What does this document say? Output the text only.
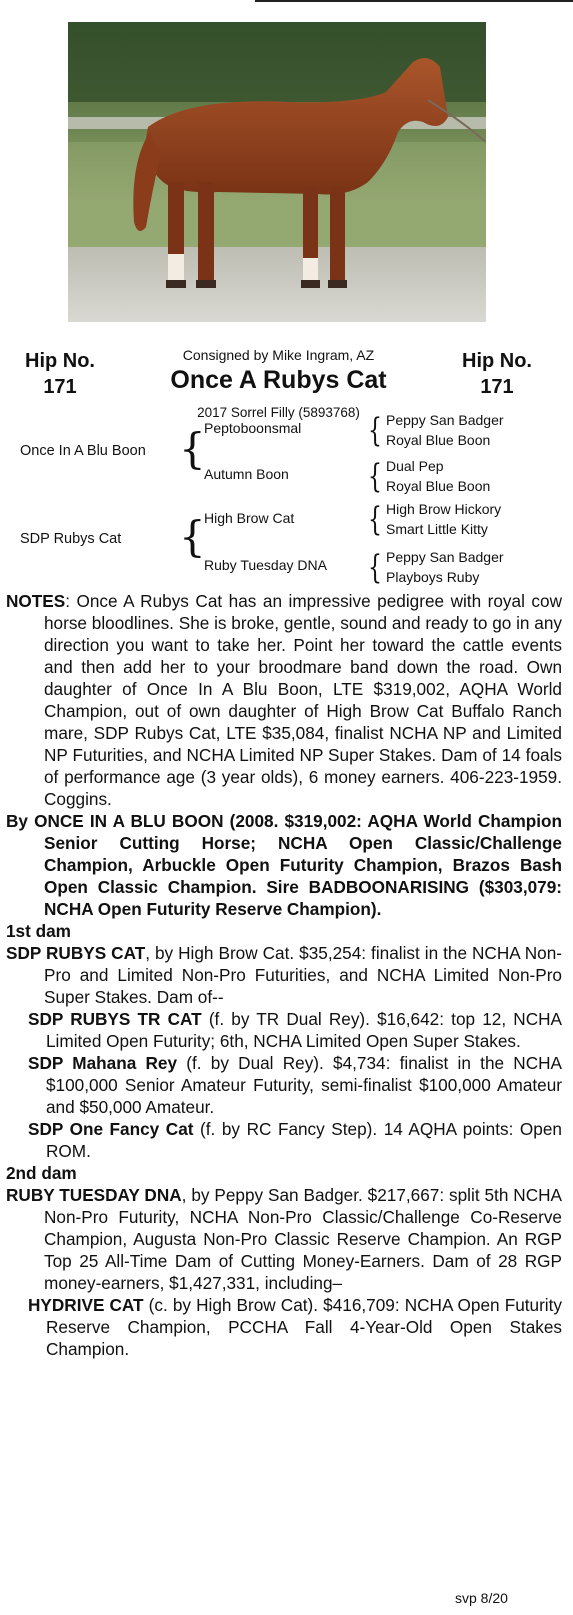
Hip No.
171
Hip No.
171
Consigned by Mike Ingram, AZ
Once A Rubys Cat
2017 Sorrel Filly (5893768)
Once In A Blu Boon {
Peptoboonsmal
Autumn Boon
{ Peppy San Badger
Royal Blue Boon
{ Dual Pep
Royal Blue Boon
SDP Rubys Cat {
High Brow Cat
Ruby Tuesday DNA
{ High Brow Hickory
Smart Little Kitty
{ Peppy San Badger
Playboys Ruby

NOTES: Once A Rubys Cat has an impressive pedigree with royal cow horse bloodlines. She is broke, gentle, sound and ready to go in any direction you want to take her. Point her toward the cattle events and then add her to your broodmare band down the road. Own daughter of Once In A Blu Boon, LTE $319,002, AQHA World Champion, out of own daughter of High Brow Cat Buffalo Ranch mare, SDP Rubys Cat, LTE $35,084, finalist NCHA NP and Limited NP Futurities, and NCHA Limited NP Super Stakes. Dam of 14 foals of performance age (3 year olds), 6 money earners. 406-223-1959. Coggins.

By ONCE IN A BLU BOON (2008. $319,002: AQHA World Champion Senior Cutting Horse; NCHA Open Classic/Challenge Champion, Arbuckle Open Futurity Champion, Brazos Bash Open Classic Champion. Sire BADBOONARISING ($303,079: NCHA Open Futurity Reserve Champion).

1st dam

SDP RUBYS CAT, by High Brow Cat. $35,254: finalist in the NCHA Non-Pro and Limited Non-Pro Futurities, and NCHA Limited Non-Pro Super Stakes. Dam of--

SDP RUBYS TR CAT (f. by TR Dual Rey). $16,642: top 12, NCHA Limited Open Futurity; 6th, NCHA Limited Open Super Stakes.

SDP Mahana Rey (f. by Dual Rey). $4,734: finalist in the NCHA $100,000 Senior Amateur Futurity, semi-finalist $100,000 Amateur and $50,000 Amateur.

SDP One Fancy Cat (f. by RC Fancy Step). 14 AQHA points: Open ROM.

2nd dam

RUBY TUESDAY DNA, by Peppy San Badger. $217,667: split 5th NCHA Non-Pro Futurity, NCHA Non-Pro Classic/Challenge Co-Reserve Champion, Augusta Non-Pro Classic Reserve Champion. An RGP Top 25 All-Time Dam of Cutting Money-Earners. Dam of 28 RGP money-earners, $1,427,331, including–

HYDRIVE CAT (c. by High Brow Cat). $416,709: NCHA Open Futurity Reserve Champion, PCCHA Fall 4-Year-Old Open Stakes Champion.

svp 8/20
